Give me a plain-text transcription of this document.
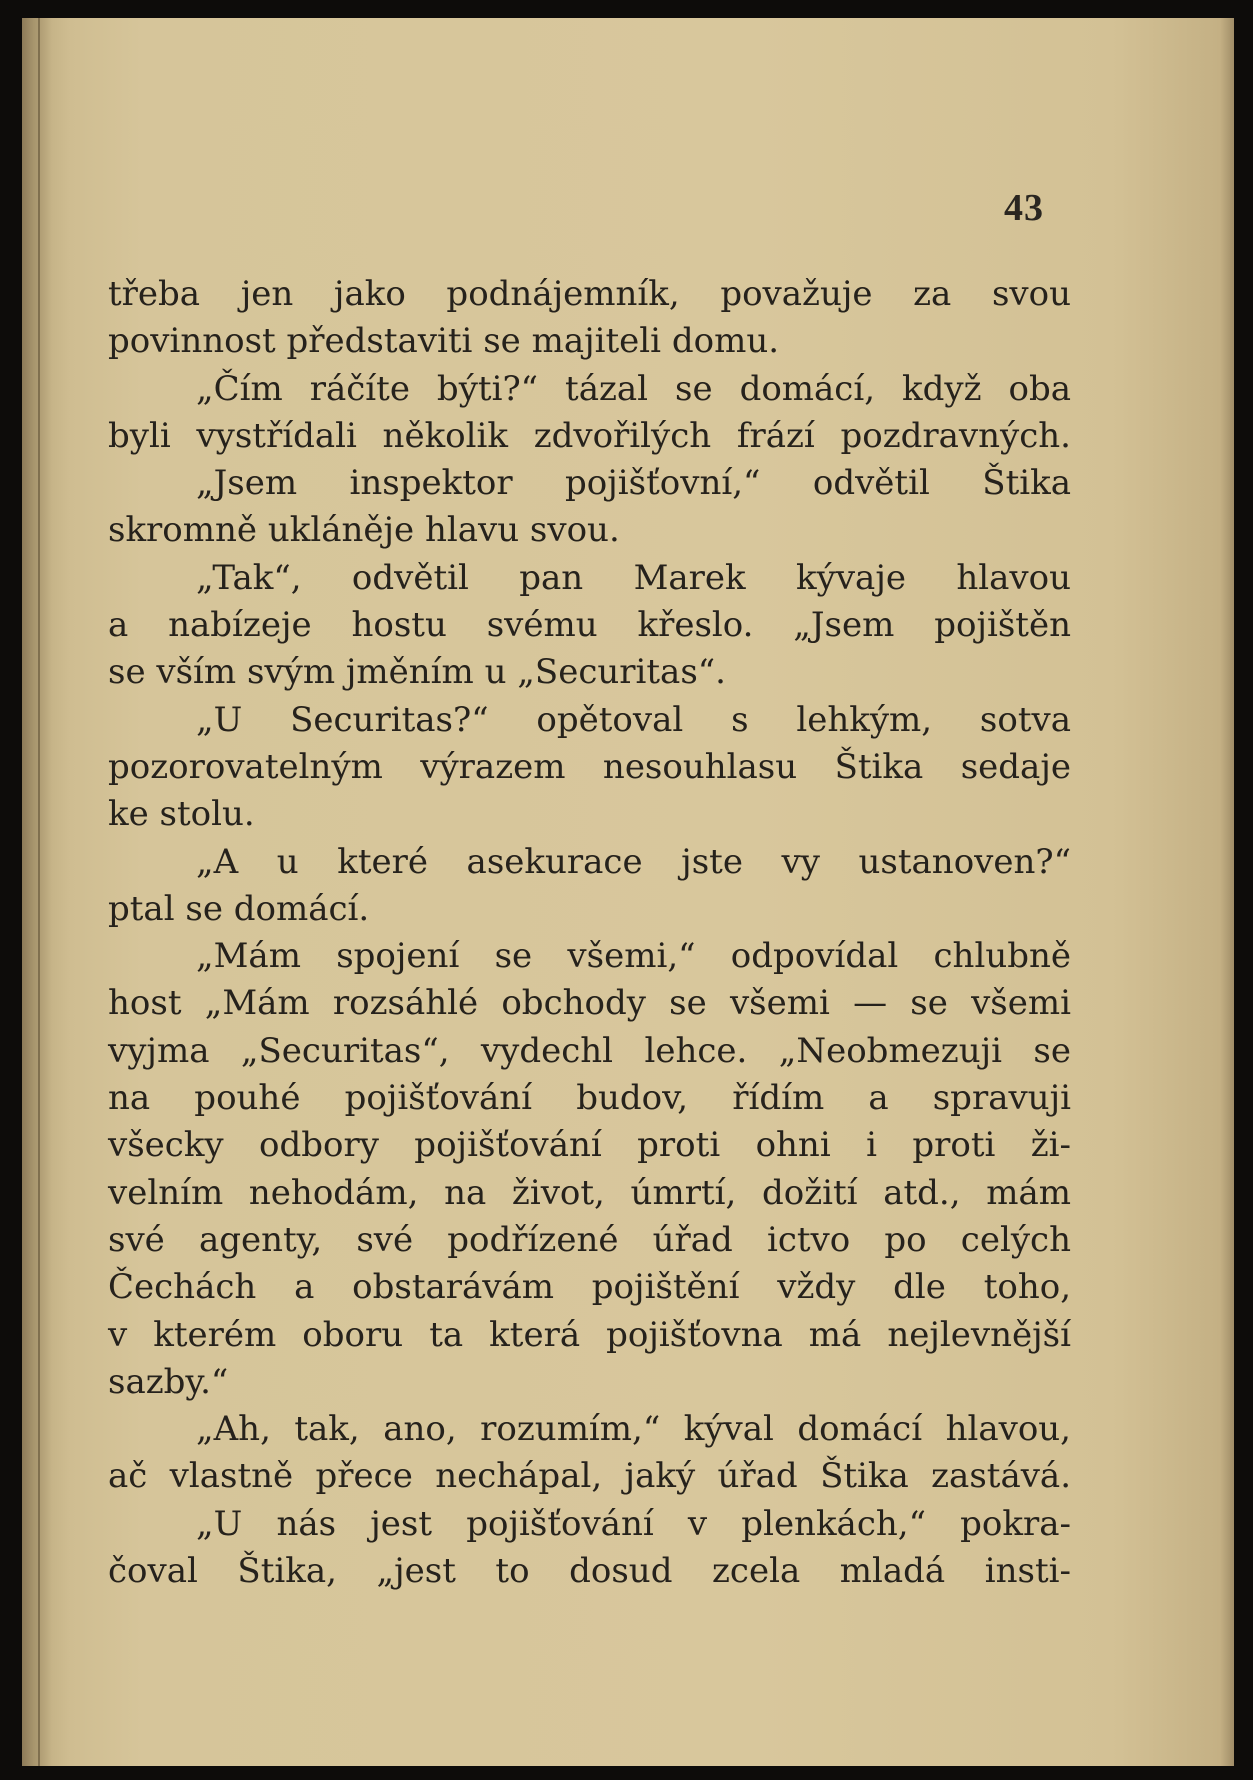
43
třeba jen jako podnájemník, považuje za svou
povinnost představiti se majiteli domu.
„Čím ráčíte býti?“ tázal se domácí, když oba
byli vystřídali několik zdvořilých frází pozdravných.
„Jsem inspektor pojišťovní,“ odvětil Štika
skromně ukláněje hlavu svou.
„Tak“, odvětil pan Marek kývaje hlavou
a nabízeje hostu svému křeslo. „Jsem pojištěn
se vším svým jměním u „Securitas“.
„U Securitas?“ opětoval s lehkým, sotva
pozorovatelným výrazem nesouhlasu Štika sedaje
ke stolu.
„A u které asekurace jste vy ustanoven?“
ptal se domácí.
„Mám spojení se všemi,“ odpovídal chlubně
host „Mám rozsáhlé obchody se všemi — se všemi
vyjma „Securitas“, vydechl lehce. „Neobmezuji se
na pouhé pojišťování budov, řídím a spravuji
všecky odbory pojišťování proti ohni i proti ži-
velním nehodám, na život, úmrtí, dožití atd., mám
své agenty, své podřízené úřad ictvo po celých
Čechách a obstarávám pojištění vždy dle toho,
v kterém oboru ta která pojišťovna má nejlevnější
sazby.“
„Ah, tak, ano, rozumím,“ kýval domácí hlavou,
ač vlastně přece nechápal, jaký úřad Štika zastává.
„U nás jest pojišťování v plenkách,“ pokra-
čoval Štika, „jest to dosud zcela mladá insti-
